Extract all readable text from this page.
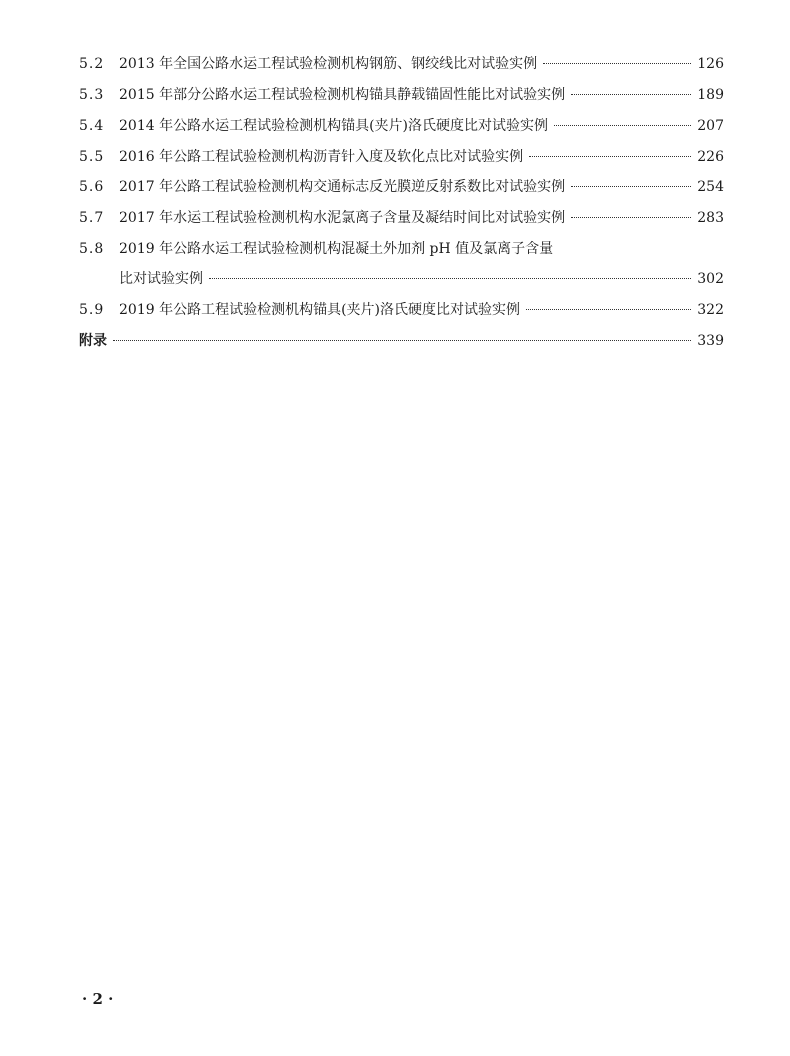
5.2	2013 年全国公路水运工程试验检测机构钢筋、钢绞线比对试验实例	126
5.3	2015 年部分公路水运工程试验检测机构锚具静载锚固性能比对试验实例	189
5.4	2014 年公路水运工程试验检测机构锚具(夹片)洛氏硬度比对试验实例	207
5.5	2016 年公路工程试验检测机构沥青针入度及软化点比对试验实例	226
5.6	2017 年公路工程试验检测机构交通标志反光膜逆反射系数比对试验实例	254
5.7	2017 年水运工程试验检测机构水泥氯离子含量及凝结时间比对试验实例	283
5.8	2019 年公路水运工程试验检测机构混凝土外加剂 pH 值及氯离子含量
比对试验实例	302
5.9	2019 年公路工程试验检测机构锚具(夹片)洛氏硬度比对试验实例	322
附录	339
· 2 ·
